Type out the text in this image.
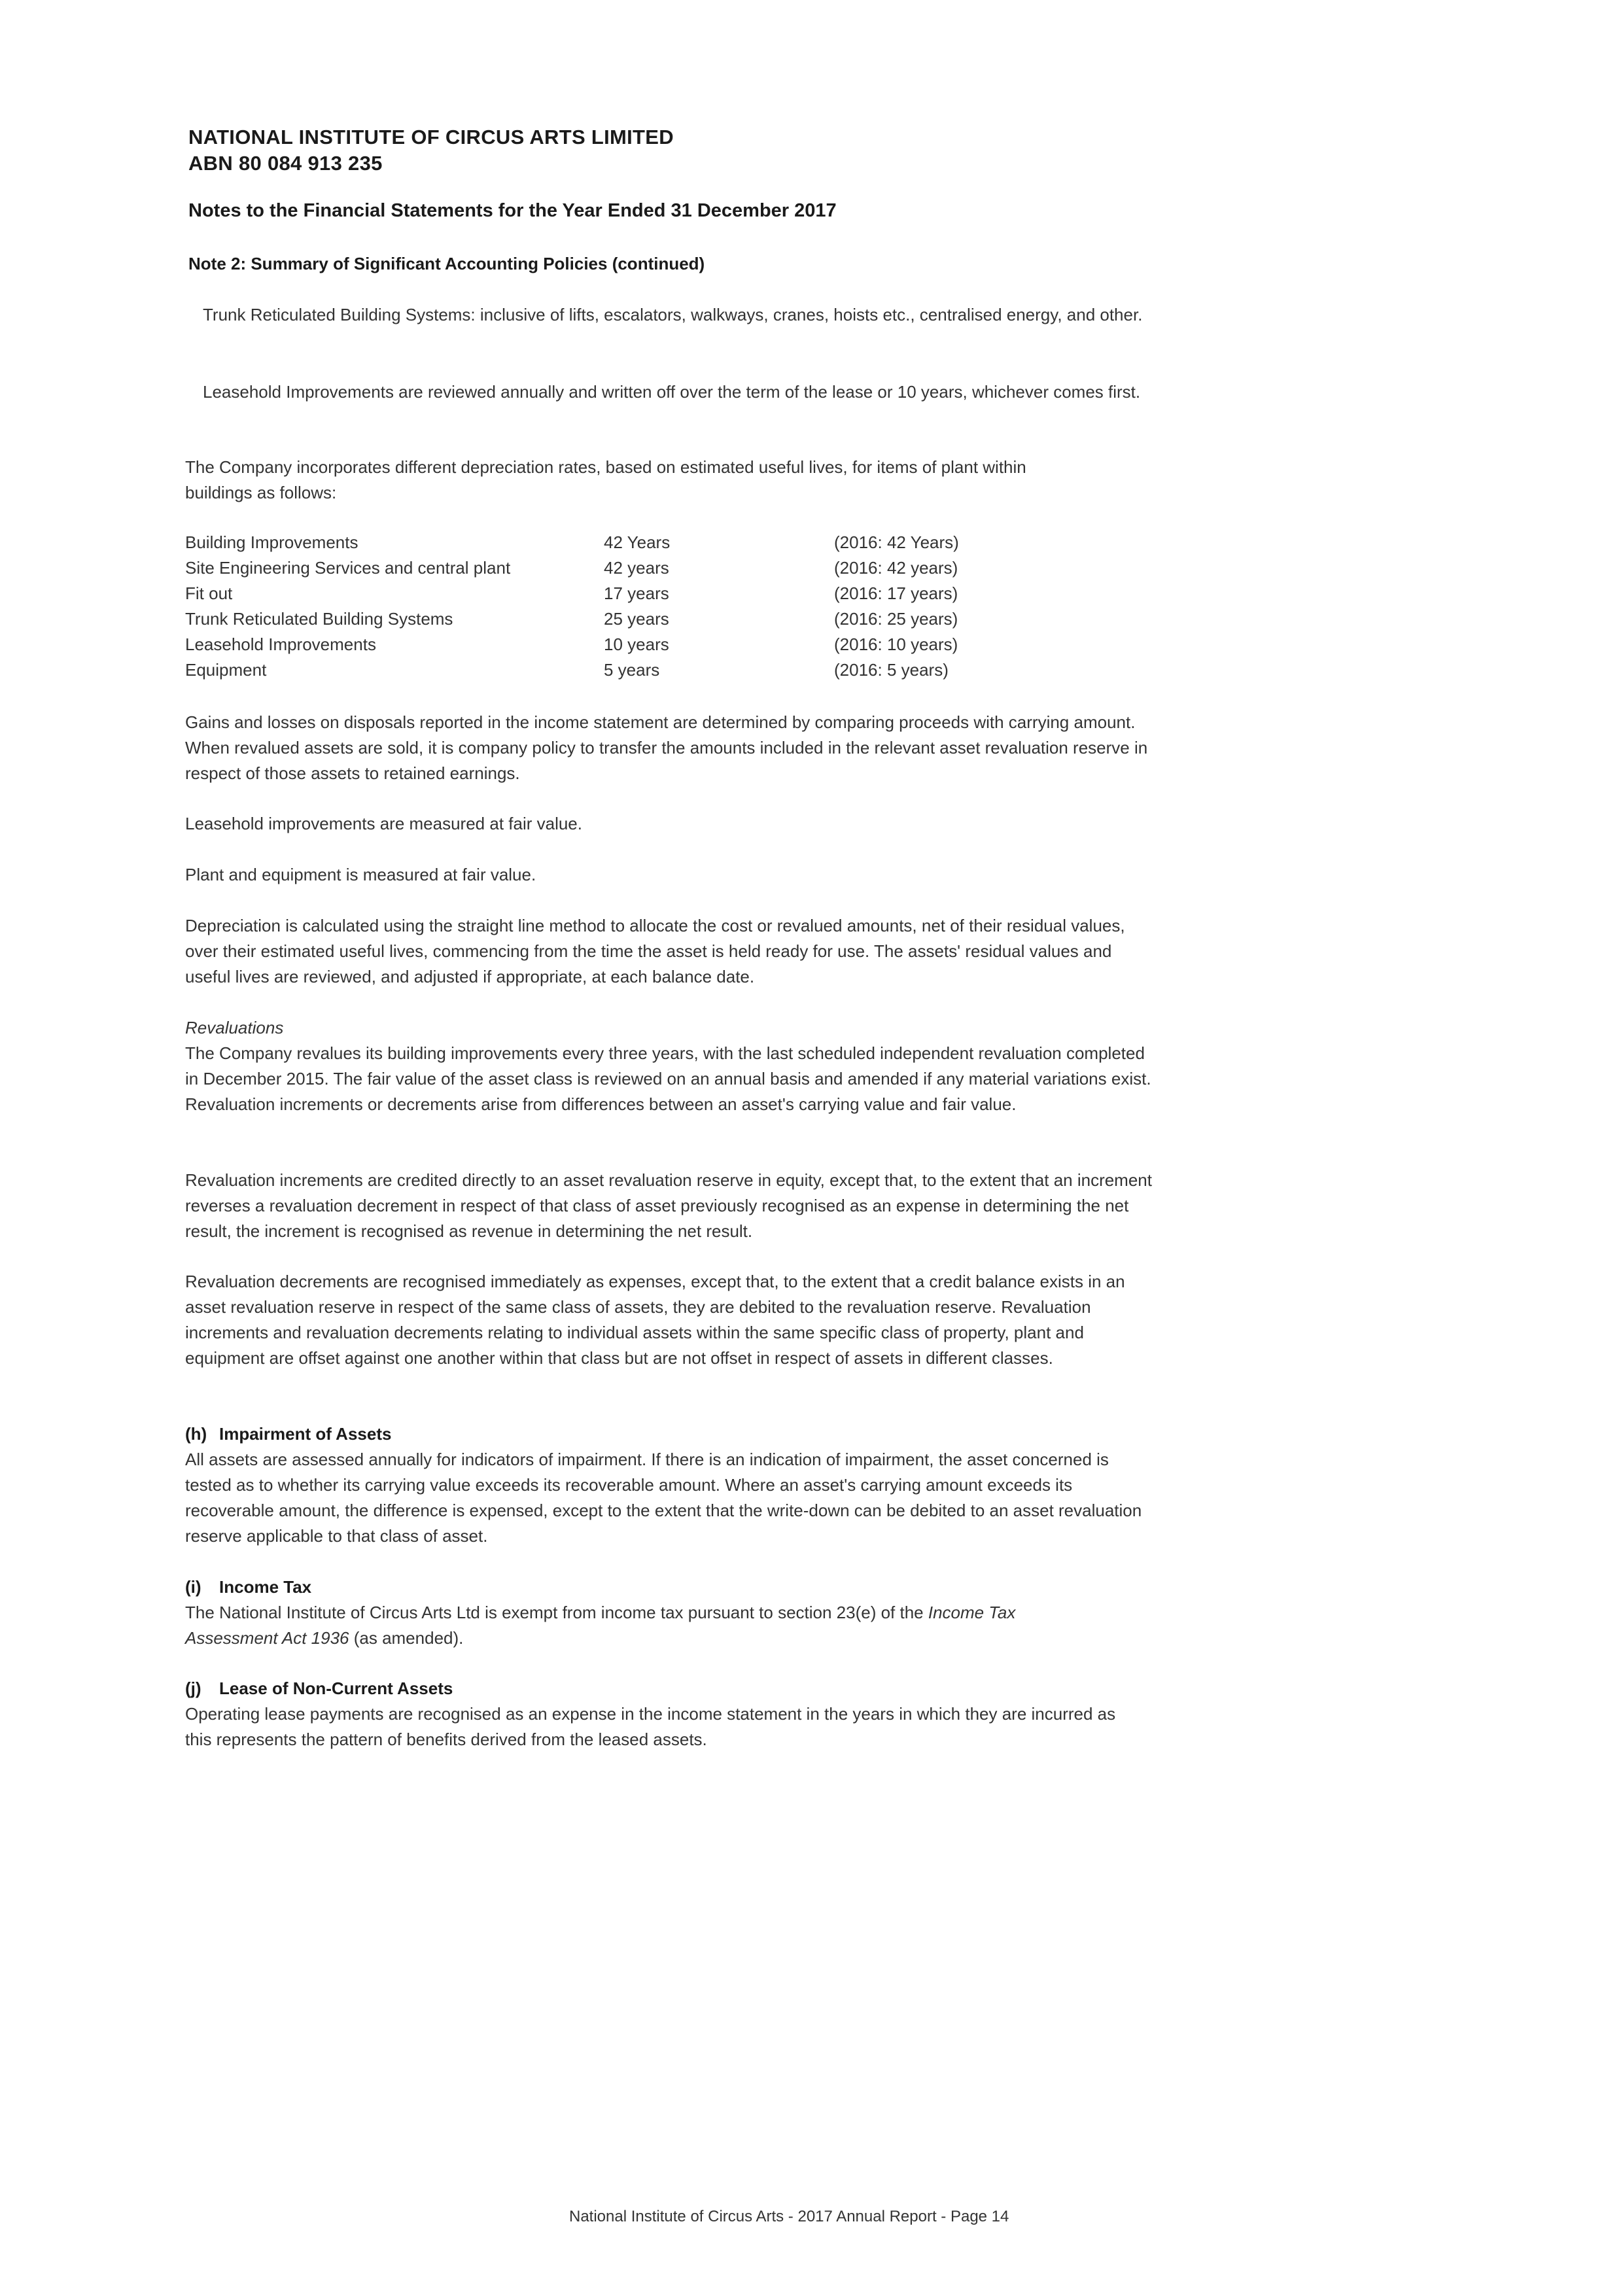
NATIONAL INSTITUTE OF CIRCUS ARTS LIMITED
ABN 80 084 913 235
Notes to the Financial Statements for the Year Ended 31 December 2017
Note 2: Summary of Significant Accounting Policies (continued)

Trunk Reticulated Building Systems: inclusive of lifts, escalators, walkways, cranes, hoists etc., centralised energy, and other.

Leasehold Improvements are reviewed annually and written off over the term of the lease or 10 years, whichever comes first.

The Company incorporates different depreciation rates, based on estimated useful lives, for items of plant within buildings as follows:

Building Improvements	42 Years	(2016: 42 Years)
Site Engineering Services and central plant	42 years	(2016: 42 years)
Fit out	17 years	(2016: 17 years)
Trunk Reticulated Building Systems	25 years	(2016: 25 years)
Leasehold Improvements	10 years	(2016: 10 years)
Equipment	5 years	(2016: 5 years)

Gains and losses on disposals reported in the income statement are determined by comparing proceeds with carrying amount. When revalued assets are sold, it is company policy to transfer the amounts included in the relevant asset revaluation reserve in respect of those assets to retained earnings.

Leasehold improvements are measured at fair value.

Plant and equipment is measured at fair value.

Depreciation is calculated using the straight line method to allocate the cost or revalued amounts, net of their residual values, over their estimated useful lives, commencing from the time the asset is held ready for use. The assets' residual values and useful lives are reviewed, and adjusted if appropriate, at each balance date.

Revaluations

The Company revalues its building improvements every three years, with the last scheduled independent revaluation completed in December 2015. The fair value of the asset class is reviewed on an annual basis and amended if any material variations exist. Revaluation increments or decrements arise from differences between an asset's carrying value and fair value.

Revaluation increments are credited directly to an asset revaluation reserve in equity, except that, to the extent that an increment reverses a revaluation decrement in respect of that class of asset previously recognised as an expense in determining the net result, the increment is recognised as revenue in determining the net result.

Revaluation decrements are recognised immediately as expenses, except that, to the extent that a credit balance exists in an asset revaluation reserve in respect of the same class of assets, they are debited to the revaluation reserve. Revaluation increments and revaluation decrements relating to individual assets within the same specific class of property, plant and equipment are offset against one another within that class but are not offset in respect of assets in different classes.

(h) Impairment of Assets

All assets are assessed annually for indicators of impairment. If there is an indication of impairment, the asset concerned is tested as to whether its carrying value exceeds its recoverable amount. Where an asset's carrying amount exceeds its recoverable amount, the difference is expensed, except to the extent that the write-down can be debited to an asset revaluation reserve applicable to that class of asset.

(i) Income Tax

The National Institute of Circus Arts Ltd is exempt from income tax pursuant to section 23(e) of the Income Tax Assessment Act 1936 (as amended).

(j) Lease of Non-Current Assets

Operating lease payments are recognised as an expense in the income statement in the years in which they are incurred as this represents the pattern of benefits derived from the leased assets.

National Institute of Circus Arts - 2017 Annual Report - Page 14
